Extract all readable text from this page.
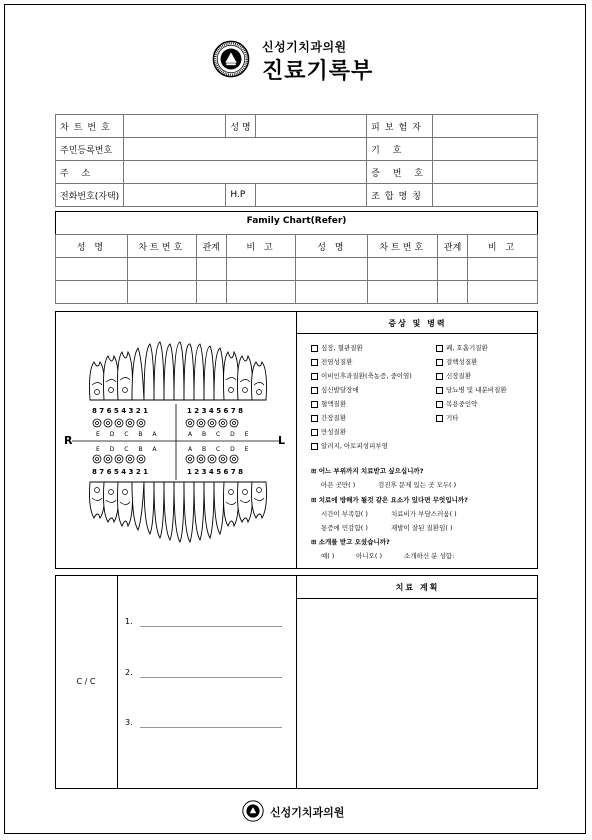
신성기치과의원
진료기록부
차트번호		성 명		피보험자	
주민등록번호				기 호	
주 소				증 번 호	
전화번호(자택)		H.P		조합명칭	
Family Chart(Refer)
성 명	차트번호	관계	비 고	성 명	차트번호	관계	비 고

8 7 6 5 4 3 2 1	1 2 3 4 5 6 7 8
E D C B A	A B C D E
E D C B A	A B C D E
8 7 6 5 4 3 2 1	1 2 3 4 5 6 7 8
R	L
증상 및 병력
심장, 혈관질환
전염성질환
이비인후과질환(축농증, 중이염)
심신발달장애
혈액질환
간장질환
만성질환
알러지, 아토피성피부염
폐, 호흡기질환
결핵성질환
신장질환
당뇨병 및 내분비질환
복용중인약
기타
⊞ 어느 부위까지 치료받고 싶으십니까?
아픈 곳만( )	검진후 문제 있는 곳 모두( )
⊞ 치료에 방해가 될것 같은 요소가 있다면 무엇입니까?
시간이 부족함( )	치료비가 부담스러움( )
통증에 민감함( )	재발이 잘된 질환임( )
⊞ 소개를 받고 오셨습니까?
예( )	아니오( )	소개하신 분 성함:
C / C
1.
2.
3.
치료 계획
신성기치과의원
